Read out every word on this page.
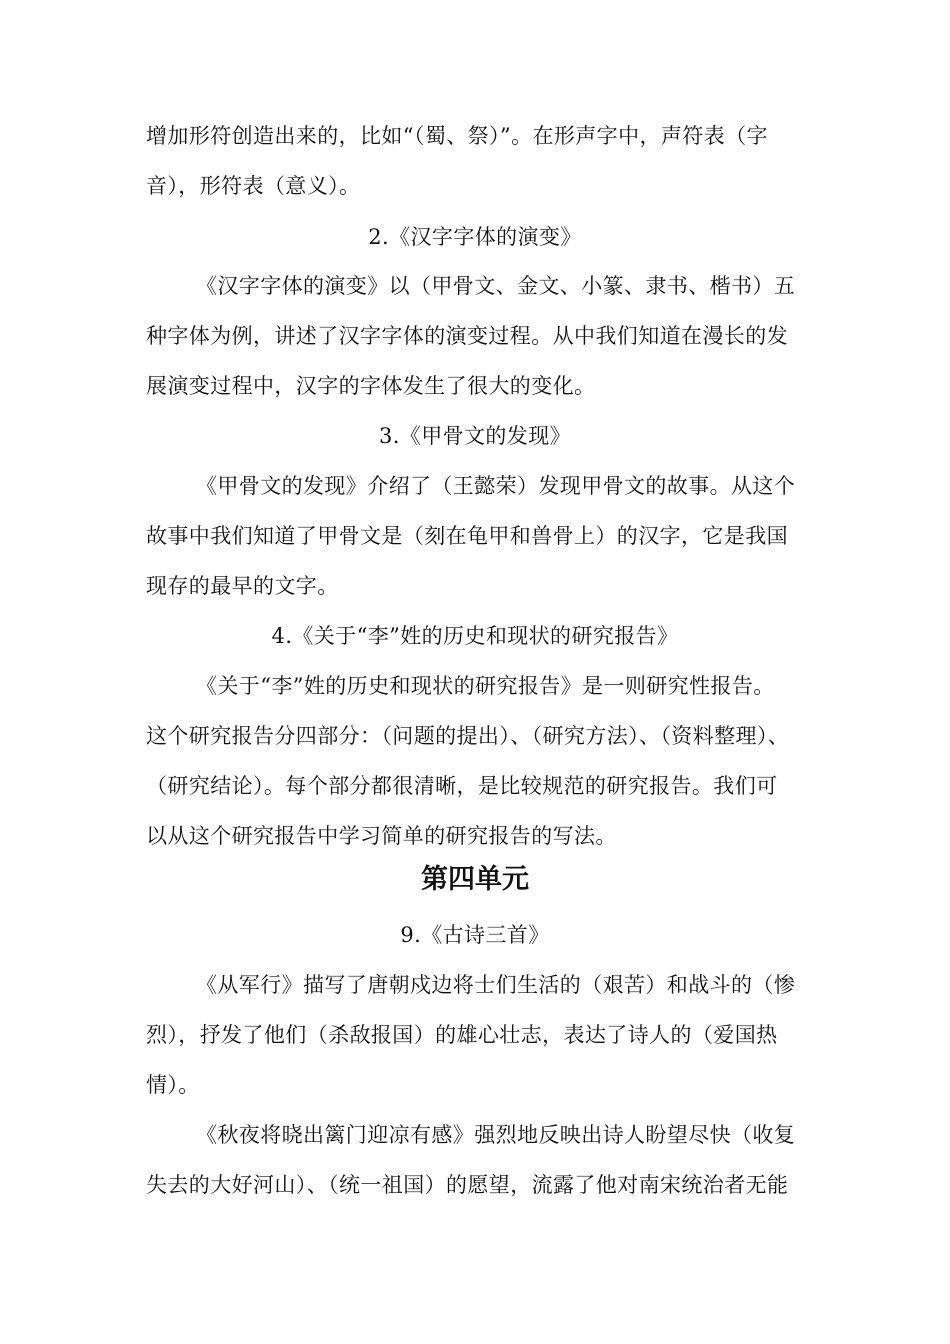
增加形符创造出来的，比如“（蜀、祭）”。在形声字中，声符表（字
音），形符表（意义）。
2.《汉字字体的演变》
《汉字字体的演变》以（甲骨文、金文、小篆、隶书、楷书）五
种字体为例，讲述了汉字字体的演变过程。从中我们知道在漫长的发
展演变过程中，汉字的字体发生了很大的变化。
3.《甲骨文的发现》
《甲骨文的发现》介绍了（王懿荣）发现甲骨文的故事。从这个
故事中我们知道了甲骨文是（刻在龟甲和兽骨上）的汉字，它是我国
现存的最早的文字。
4.《关于“李”姓的历史和现状的研究报告》
《关于“李”姓的历史和现状的研究报告》是一则研究性报告。
这个研究报告分四部分：（问题的提出）、（研究方法）、（资料整理）、
（研究结论）。每个部分都很清晰，是比较规范的研究报告。我们可
以从这个研究报告中学习简单的研究报告的写法。
第四单元
9.《古诗三首》
《从军行》描写了唐朝戍边将士们生活的（艰苦）和战斗的（惨
烈），抒发了他们（杀敌报国）的雄心壮志，表达了诗人的（爱国热
情）。
《秋夜将晓出篱门迎凉有感》强烈地反映出诗人盼望尽快（收复
失去的大好河山）、（统一祖国）的愿望，流露了他对南宋统治者无能
